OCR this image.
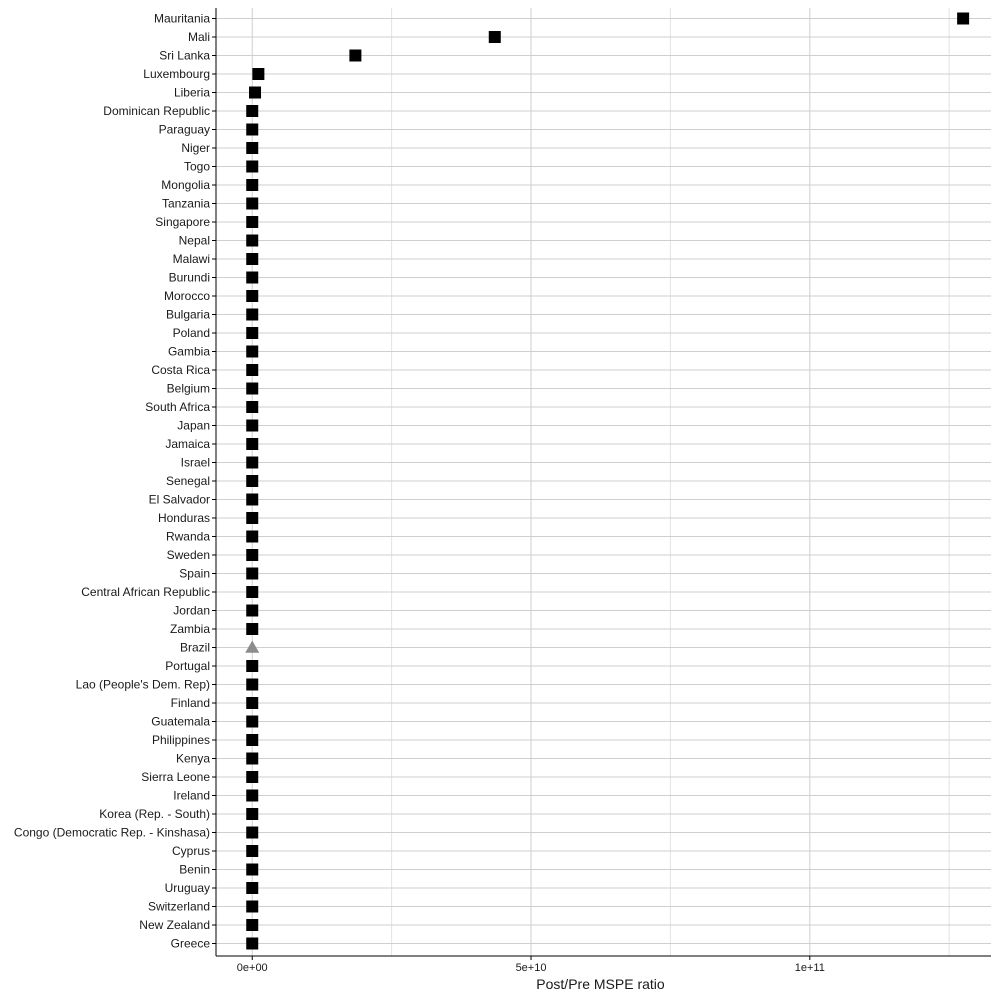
Mauritania
Mali
Sri Lanka
Luxembourg
Liberia
Dominican Republic
Paraguay
Niger
Togo
Mongolia
Tanzania
Singapore
Nepal
Malawi
Burundi
Morocco
Bulgaria
Poland
Gambia
Costa Rica
Belgium
South Africa
Japan
Jamaica
Israel
Senegal
El Salvador
Honduras
Rwanda
Sweden
Spain
Central African Republic
Jordan
Zambia
Brazil
Portugal
Lao (People's Dem. Rep)
Finland
Guatemala
Philippines
Kenya
Sierra Leone
Ireland
Korea (Rep. - South)
Congo (Democratic Rep. - Kinshasa)
Cyprus
Benin
Uruguay
Switzerland
New Zealand
Greece
0e+00	5e+10	1e+11
Post/Pre MSPE ratio
